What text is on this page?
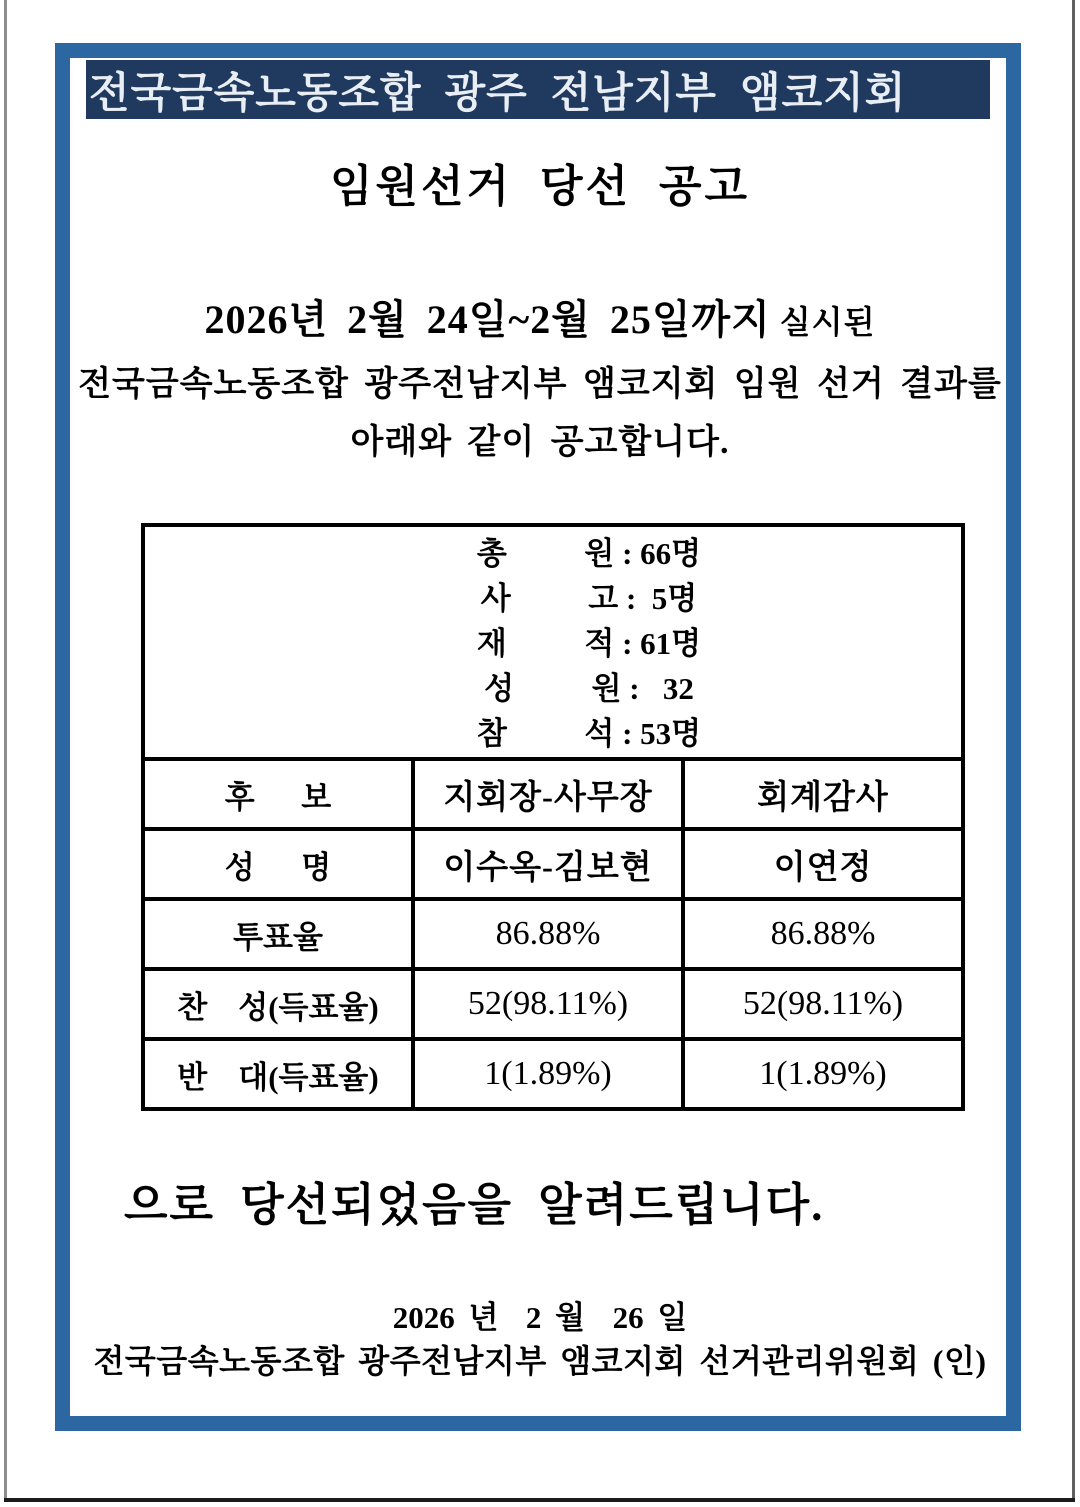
전국금속노동조합  광주  전남지부  앰코지회
임원선거 당선 공고
2026년 2월 24일~2월 25일까지 실시된
전국금속노동조합 광주전남지부 앰코지회 임원 선거 결과를
아래와 같이 공고합니다.
총          원 : 66명
사          고 :  5명
재          적 : 61명
성          원 :   32
참          석 : 53명		

후      보	지회장-사무장	회계감사
성      명	이수옥-김보현	이연정
투표율	86.88%	86.88%
찬    성(득표율)	52(98.11%)	52(98.11%)
반    대(득표율)	1(1.89%)	1(1.89%)
으로 당선되었음을 알려드립니다.
2026 년  2 월  26 일
전국금속노동조합 광주전남지부 앰코지회 선거관리위원회 (인)
